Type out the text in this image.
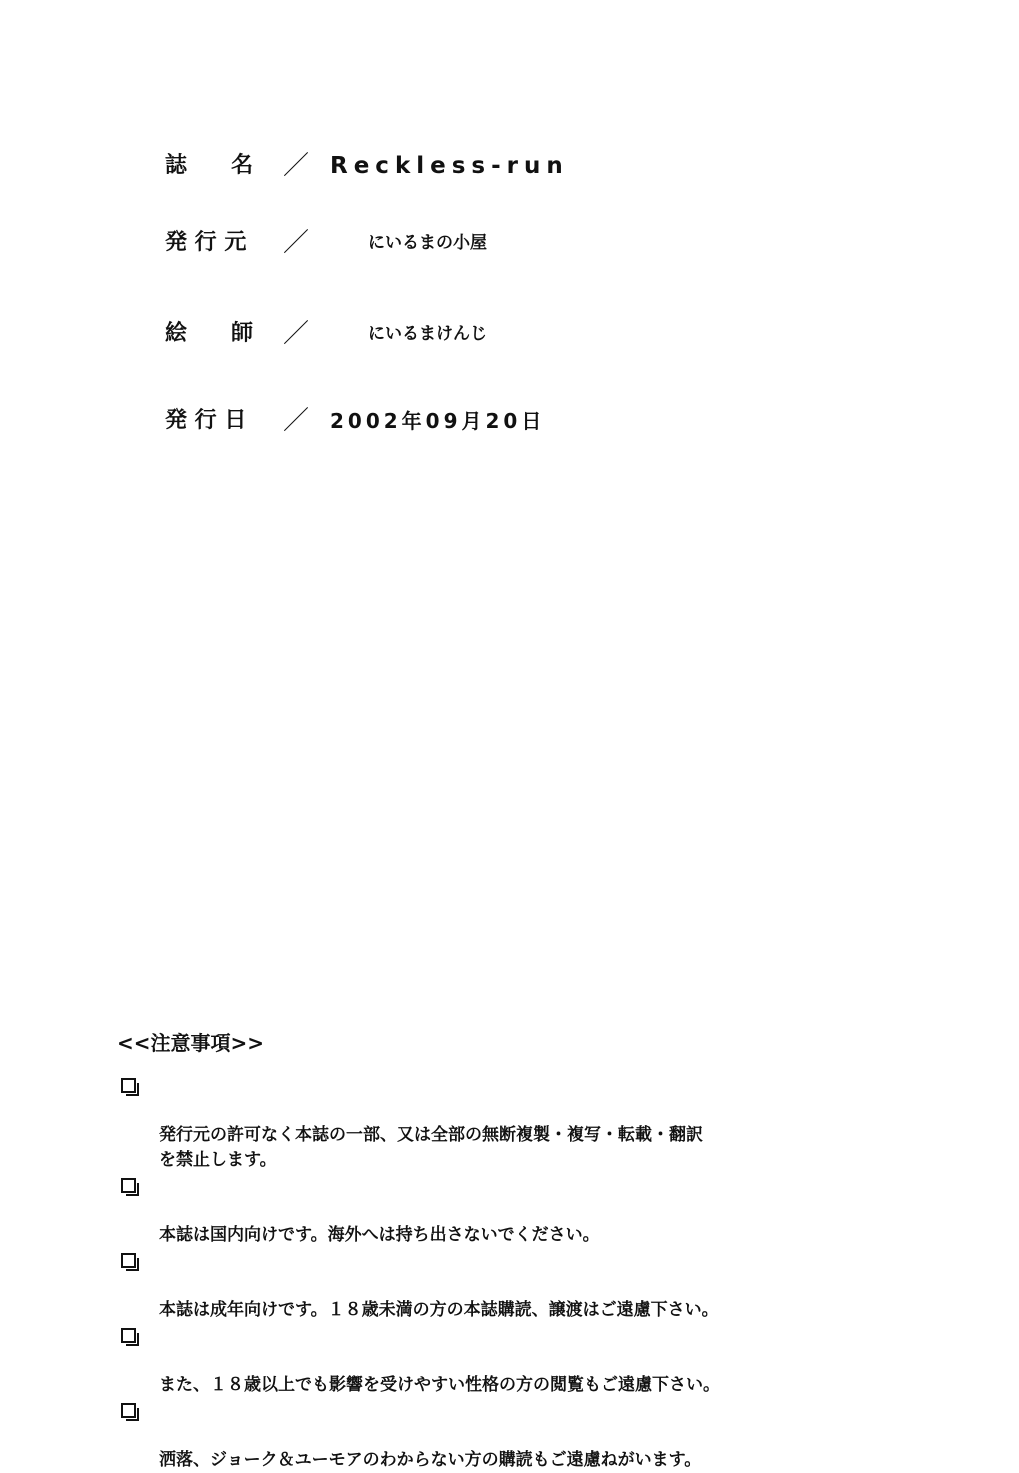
誌　　名 ／ Reckless-run
発 行 元 ／	にいるまの小屋
絵　　師 ／	にいるまけんじ
発 行 日 ／ 2002年09月20日
<<注意事項>>

発行元の許可なく本誌の一部、又は全部の無断複製・複写・転載・翻訳
を禁止します。

本誌は国内向けです。海外へは持ち出さないでください。

本誌は成年向けです。１８歳未満の方の本誌購読、譲渡はご遠慮下さい。

また、１８歳以上でも影響を受けやすい性格の方の閲覧もご遠慮下さい。

洒落、ジョーク＆ユーモアのわからない方の購読もご遠慮ねがいます。
